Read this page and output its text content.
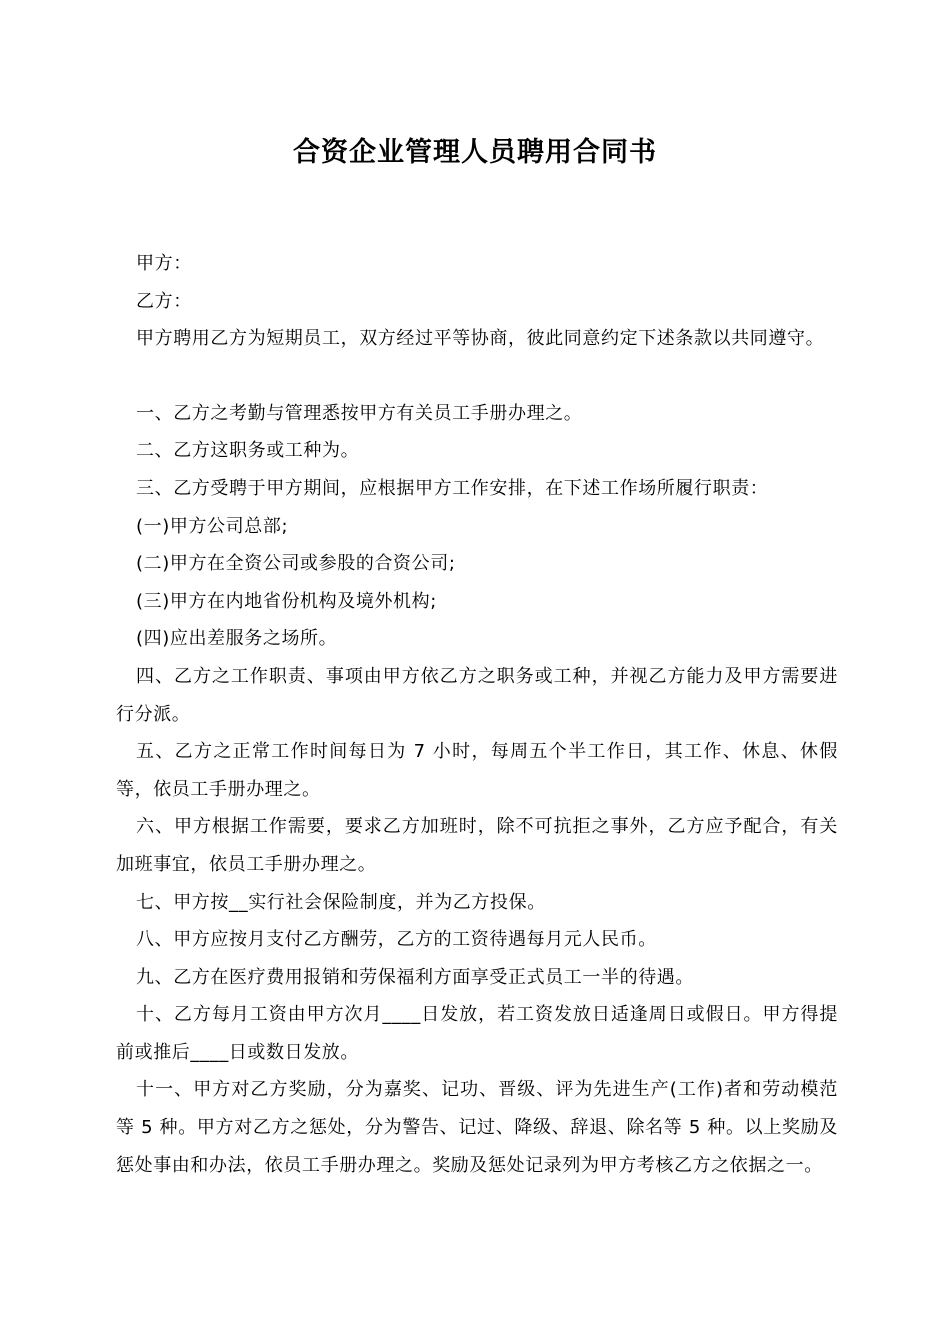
合资企业管理人员聘用合同书

甲方：

乙方：

甲方聘用乙方为短期员工，双方经过平等协商，彼此同意约定下述条款以共同遵守。

一、乙方之考勤与管理悉按甲方有关员工手册办理之。

二、乙方这职务或工种为。

三、乙方受聘于甲方期间，应根据甲方工作安排，在下述工作场所履行职责：

(一)甲方公司总部;

(二)甲方在全资公司或参股的合资公司;

(三)甲方在内地省份机构及境外机构;

(四)应出差服务之场所。

四、乙方之工作职责、事项由甲方依乙方之职务或工种，并视乙方能力及甲方需要进行分派。

五、乙方之正常工作时间每日为 7 小时，每周五个半工作日，其工作、休息、休假等，依员工手册办理之。

六、甲方根据工作需要，要求乙方加班时，除不可抗拒之事外，乙方应予配合，有关加班事宜，依员工手册办理之。

七、甲方按__实行社会保险制度，并为乙方投保。

八、甲方应按月支付乙方酬劳，乙方的工资待遇每月元人民币。

九、乙方在医疗费用报销和劳保福利方面享受正式员工一半的待遇。

十、乙方每月工资由甲方次月____日发放，若工资发放日适逢周日或假日。甲方得提前或推后____日或数日发放。

十一、甲方对乙方奖励，分为嘉奖、记功、晋级、评为先进生产(工作)者和劳动模范等 5 种。甲方对乙方之惩处，分为警告、记过、降级、辞退、除名等 5 种。以上奖励及惩处事由和办法，依员工手册办理之。奖励及惩处记录列为甲方考核乙方之依据之一。
